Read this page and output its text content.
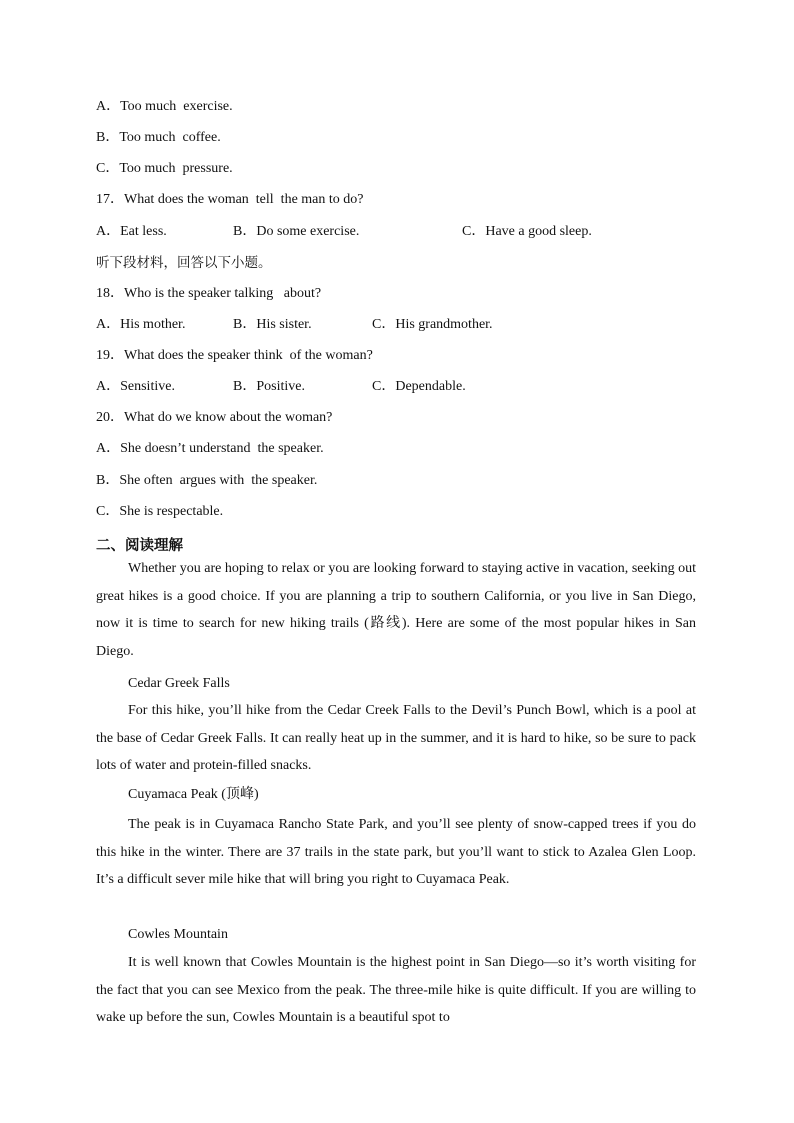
A．Too much  exercise.
B．Too much  coffee.
C．Too much  pressure.
17．What does the woman  tell  the man to do?
A．Eat less.	B．Do some exercise.	C．Have a good sleep.
听下段材料，回答以下小题。
18．Who is the speaker talking   about?
A．His mother.	B．His sister.	C．His grandmother.
19．What does the speaker think  of the woman?
A．Sensitive.	B．Positive.	C．Dependable.
20．What do we know about the woman?
A．She doesn’t understand  the speaker.
B．She often  argues with  the speaker.
C．She is respectable.
二、阅读理解

Whether you are hoping to relax or you are looking forward to staying active in vacation, seeking out great hikes is a good choice. If you are planning a trip to southern California, or you live in San Diego, now it is time to search for new hiking trails (路线). Here are some of the most popular hikes in San Diego.

Cedar Greek Falls

For this hike, you’ll hike from the Cedar Creek Falls to the Devil’s Punch Bowl, which is a pool at the base of Cedar Greek Falls. It can really heat up in the summer, and it is hard to hike, so be sure to pack lots of water and protein-filled snacks.

Cuyamaca Peak (顶峰)

The peak is in Cuyamaca Rancho State Park, and you’ll see plenty of snow-capped trees if you do this hike in the winter. There are 37 trails in the state park, but you’ll want to stick to Azalea Glen Loop. It’s a difficult sever mile hike that will bring you right to Cuyamaca Peak.

Cowles Mountain

It is well known that Cowles Mountain is the highest point in San Diego—so it’s worth visiting for the fact that you can see Mexico from the peak. The three-mile hike is quite difficult. If you are willing to wake up before the sun, Cowles Mountain is a beautiful spot to
